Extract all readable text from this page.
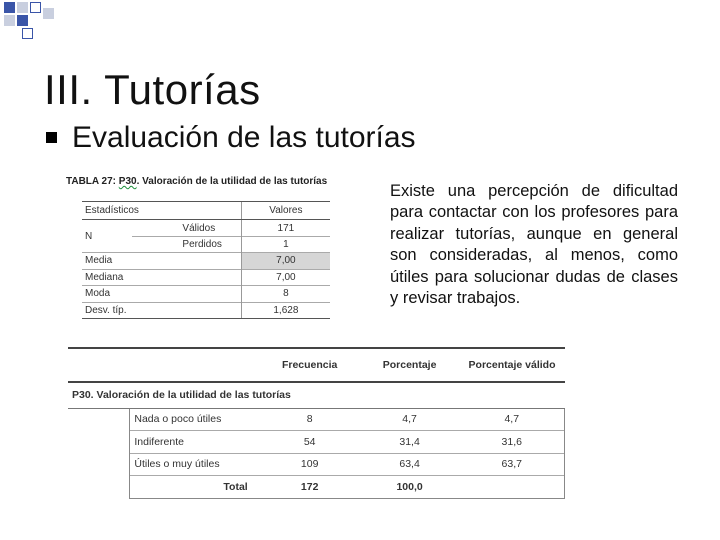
III. Tutorías
Evaluación de las tutorías

Existe una percepción de dificultad para contactar con los profesores para realizar tutorías, aunque en general son consideradas, al menos, como útiles para solucionar dudas de clases y revisar trabajos.

TABLA 27: P30. Valoración de la utilidad de las tutorías
Estadísticos		Valores
N	Válidos	171
	Perdidos	1
Media		7,00
Mediana		7,00
Moda		8
Desv. típ.		1,628
		Frecuencia	Porcentaje	Porcentaje válido
P30. Valoración de la utilidad de las tutorías				
	Nada o poco útiles	8	4,7	4,7
	Indiferente	54	31,4	31,6
	Útiles o muy útiles	109	63,4	63,7
	Total	172	100,0	
